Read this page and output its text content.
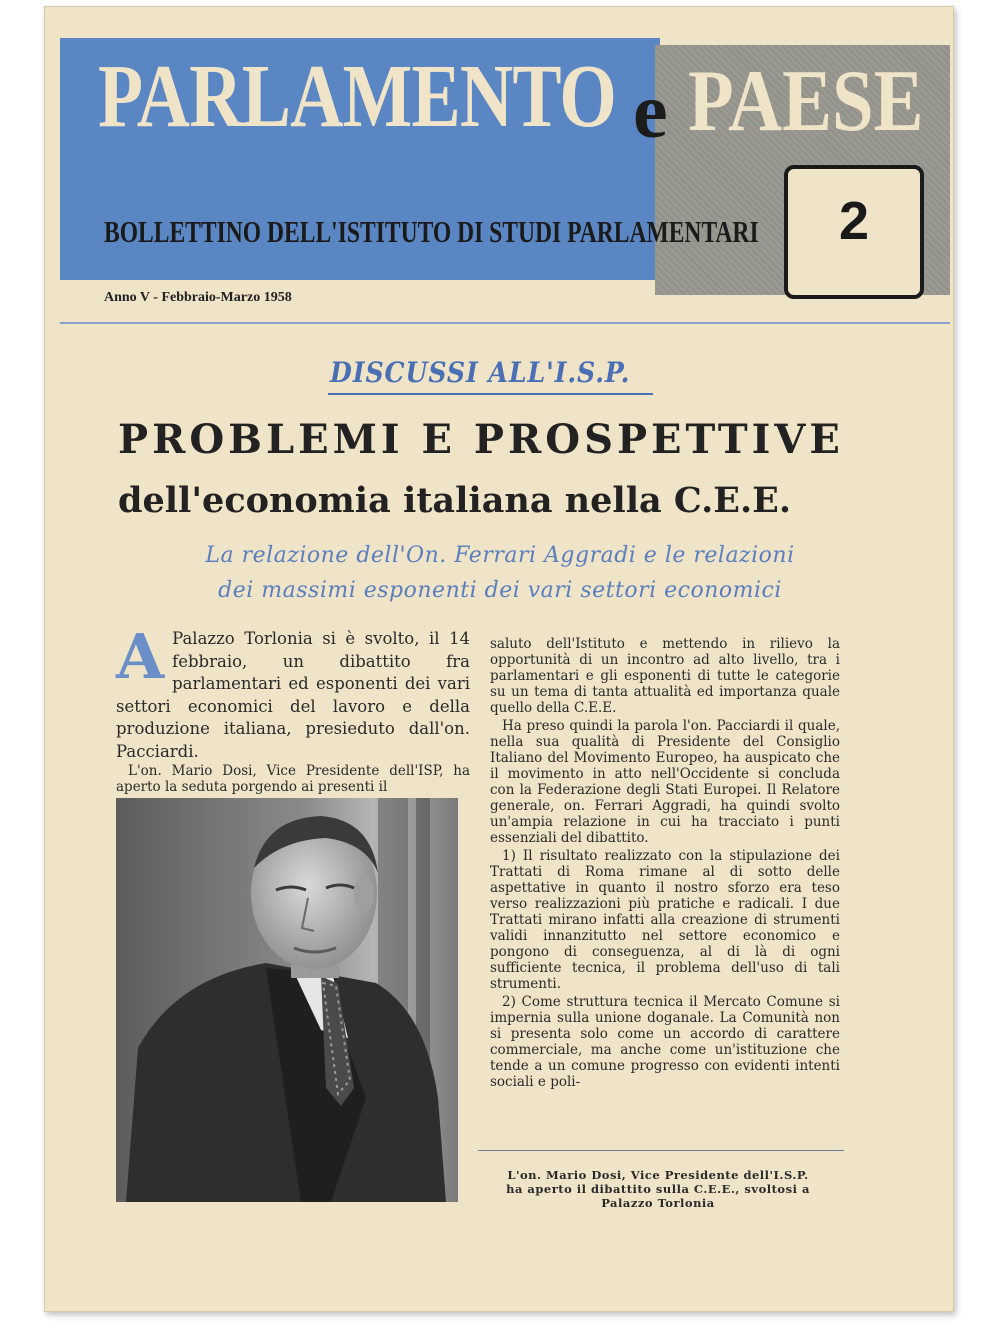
PARLAMENTO e PAESE
BOLLETTINO DELL'ISTITUTO DI STUDI PARLAMENTARI 2
Anno V - Febbraio-Marzo 1958
DISCUSSI ALL'I.S.P.
PROBLEMI E PROSPETTIVE
dell'economia italiana nella C.E.E.
La relazione dell'On. Ferrari Aggradi e le relazioni
dei massimi esponenti dei vari settori economici
A Palazzo Torlonia si è svolto, il 14 febbraio, un dibattito fra parlamentari ed esponenti dei vari settori economici del lavoro e della produzione italiana, presieduto dall'on. Pacciardi.

L'on. Mario Dosi, Vice Presidente dell'ISP, ha aperto la seduta porgendo ai presenti il

saluto dell'Istituto e mettendo in rilievo la opportunità di un incontro ad alto livello, tra i parlamentari e gli esponenti di tutte le categorie su un tema di tanta attualità ed importanza quale quello della C.E.E.

Ha preso quindi la parola l'on. Pacciardi il quale, nella sua qualità di Presidente del Consiglio Italiano del Movimento Europeo, ha auspicato che il movimento in atto nell'Occidente si concluda con la Federazione degli Stati Europei. Il Relatore generale, on. Ferrari Aggradi, ha quindi svolto un'ampia relazione in cui ha tracciato i punti essenziali del dibattito.

1) Il risultato realizzato con la stipulazione dei Trattati di Roma rimane al di sotto delle aspettative in quanto il nostro sforzo era teso verso realizzazioni più pratiche e radicali. I due Trattati mirano infatti alla creazione di strumenti validi innanzitutto nel settore economico e pongono di conseguenza, al di là di ogni sufficiente tecnica, il problema dell'uso di tali strumenti.

2) Come struttura tecnica il Mercato Comune si impernia sulla unione doganale. La Comunità non si presenta solo come un accordo di carattere commerciale, ma anche come un'istituzione che tende a un comune progresso con evidenti intenti sociali e poli-

L'on. Mario Dosi, Vice Presidente dell'I.S.P.
ha aperto il dibattito sulla C.E.E., svoltosi a
Palazzo Torlonia
